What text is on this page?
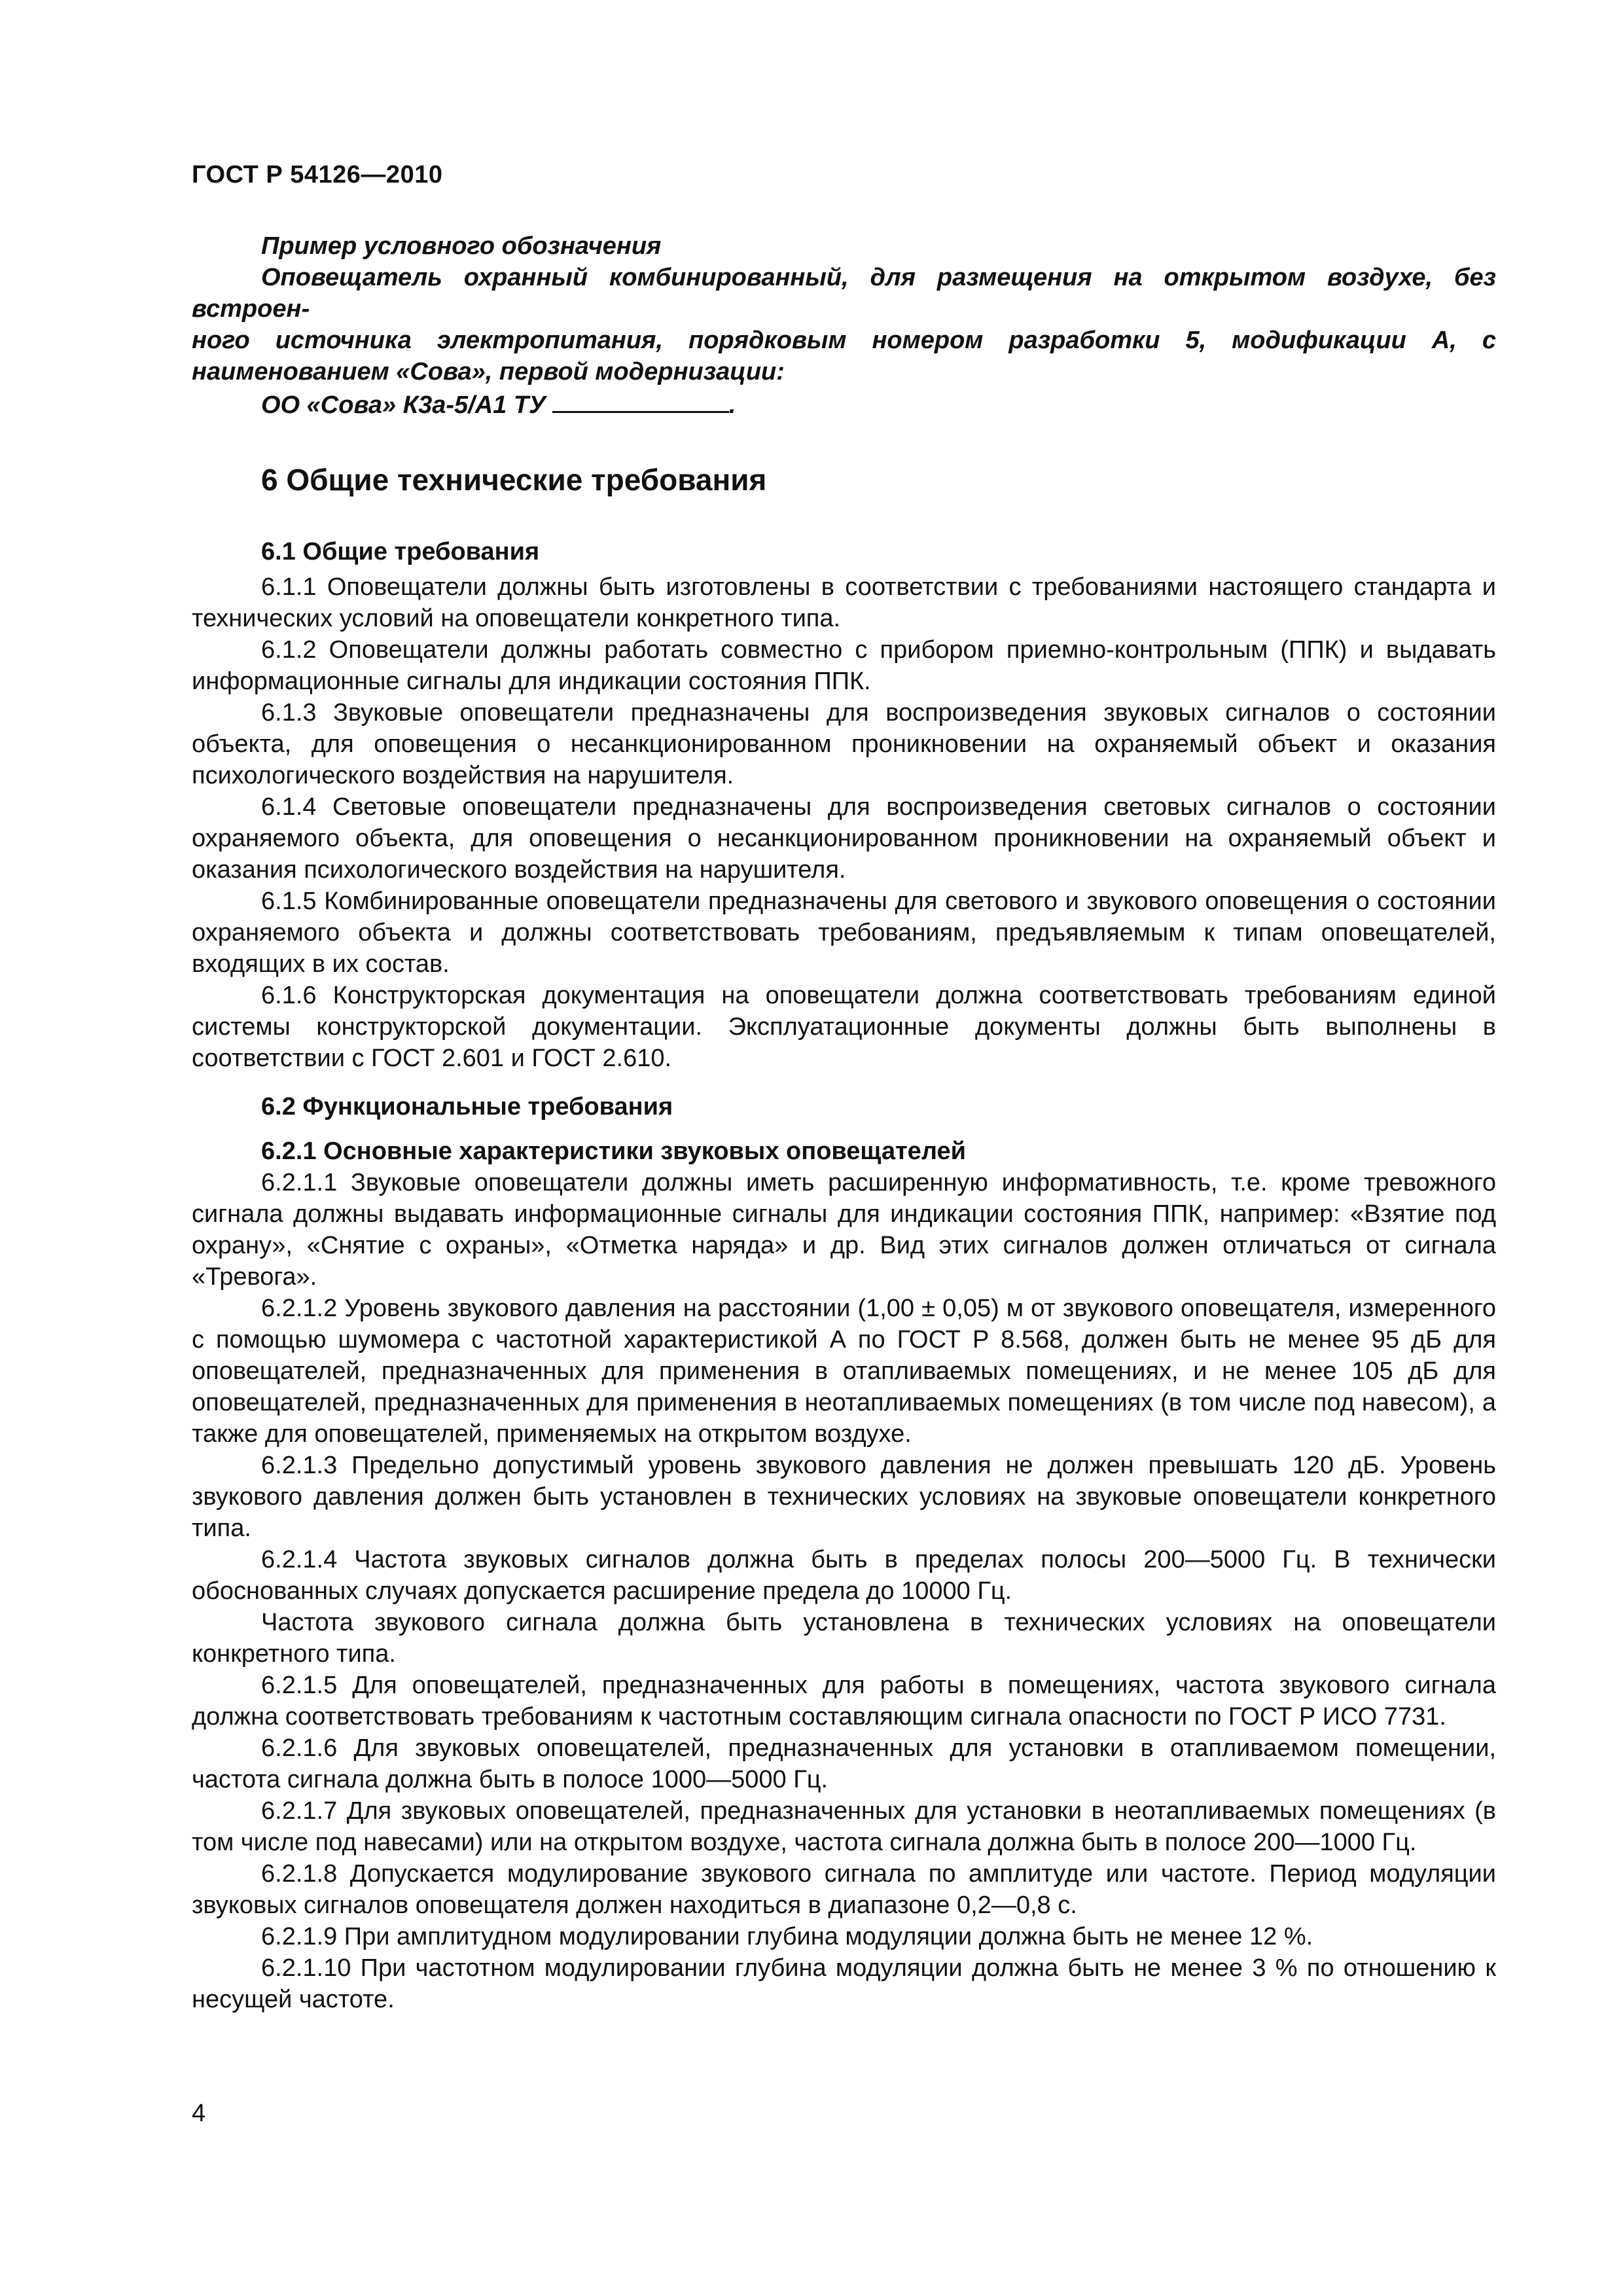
ГОСТ Р 54126—2010

Пример условного обозначения

Оповещатель охранный комбинированный, для размещения на открытом воздухе, без встроен-

ного источника электропитания, порядковым номером разработки 5, модификации А, с наименованием «Сова», первой модернизации:

ОО «Сова» К3а-5/А1 ТУ	.

6 Общие технические требования
6.1 Общие требования

6.1.1 Оповещатели должны быть изготовлены в соответствии с требованиями настоящего стандарта и технических условий на оповещатели конкретного типа.

6.1.2 Оповещатели должны работать совместно с прибором приемно-контрольным (ППК) и выдавать информационные сигналы для индикации состояния ППК.

6.1.3 Звуковые оповещатели предназначены для воспроизведения звуковых сигналов о состоянии объекта, для оповещения о несанкционированном проникновении на охраняемый объект и оказания психологического воздействия на нарушителя.

6.1.4 Световые оповещатели предназначены для воспроизведения световых сигналов о состоянии охраняемого объекта, для оповещения о несанкционированном проникновении на охраняемый объект и оказания психологического воздействия на нарушителя.

6.1.5 Комбинированные оповещатели предназначены для светового и звукового оповещения о состоянии охраняемого объекта и должны соответствовать требованиям, предъявляемым к типам оповещателей, входящих в их состав.

6.1.6 Конструкторская документация на оповещатели должна соответствовать требованиям единой системы конструкторской документации. Эксплуатационные документы должны быть выполнены в соответствии с ГОСТ 2.601 и ГОСТ 2.610.

6.2 Функциональные требования
6.2.1 Основные характеристики звуковых оповещателей

6.2.1.1 Звуковые оповещатели должны иметь расширенную информативность, т.е. кроме тревожного сигнала должны выдавать информационные сигналы для индикации состояния ППК, например: «Взятие под охрану», «Снятие с охраны», «Отметка наряда» и др. Вид этих сигналов должен отличаться от сигнала «Тревога».

6.2.1.2 Уровень звукового давления на расстоянии (1,00 ± 0,05) м от звукового оповещателя, измеренного с помощью шумомера с частотной характеристикой А по ГОСТ Р 8.568, должен быть не менее 95 дБ для оповещателей, предназначенных для применения в отапливаемых помещениях, и не менее 105 дБ для оповещателей, предназначенных для применения в неотапливаемых помещениях (в том числе под навесом), а также для оповещателей, применяемых на открытом воздухе.

6.2.1.3 Предельно допустимый уровень звукового давления не должен превышать 120 дБ. Уровень звукового давления должен быть установлен в технических условиях на звуковые оповещатели конкретного типа.

6.2.1.4 Частота звуковых сигналов должна быть в пределах полосы 200—5000 Гц. В технически обоснованных случаях допускается расширение предела до 10000 Гц.

Частота звукового сигнала должна быть установлена в технических условиях на оповещатели конкретного типа.

6.2.1.5 Для оповещателей, предназначенных для работы в помещениях, частота звукового сигнала должна соответствовать требованиям к частотным составляющим сигнала опасности по ГОСТ Р ИСО 7731.

6.2.1.6 Для звуковых оповещателей, предназначенных для установки в отапливаемом помещении, частота сигнала должна быть в полосе 1000—5000 Гц.

6.2.1.7 Для звуковых оповещателей, предназначенных для установки в неотапливаемых помещениях (в том числе под навесами) или на открытом воздухе, частота сигнала должна быть в полосе 200—1000 Гц.

6.2.1.8 Допускается модулирование звукового сигнала по амплитуде или частоте. Период модуляции звуковых сигналов оповещателя должен находиться в диапазоне 0,2—0,8 с.

6.2.1.9 При амплитудном модулировании глубина модуляции должна быть не менее 12 %.

6.2.1.10 При частотном модулировании глубина модуляции должна быть не менее 3 % по отношению к несущей частоте.

4
